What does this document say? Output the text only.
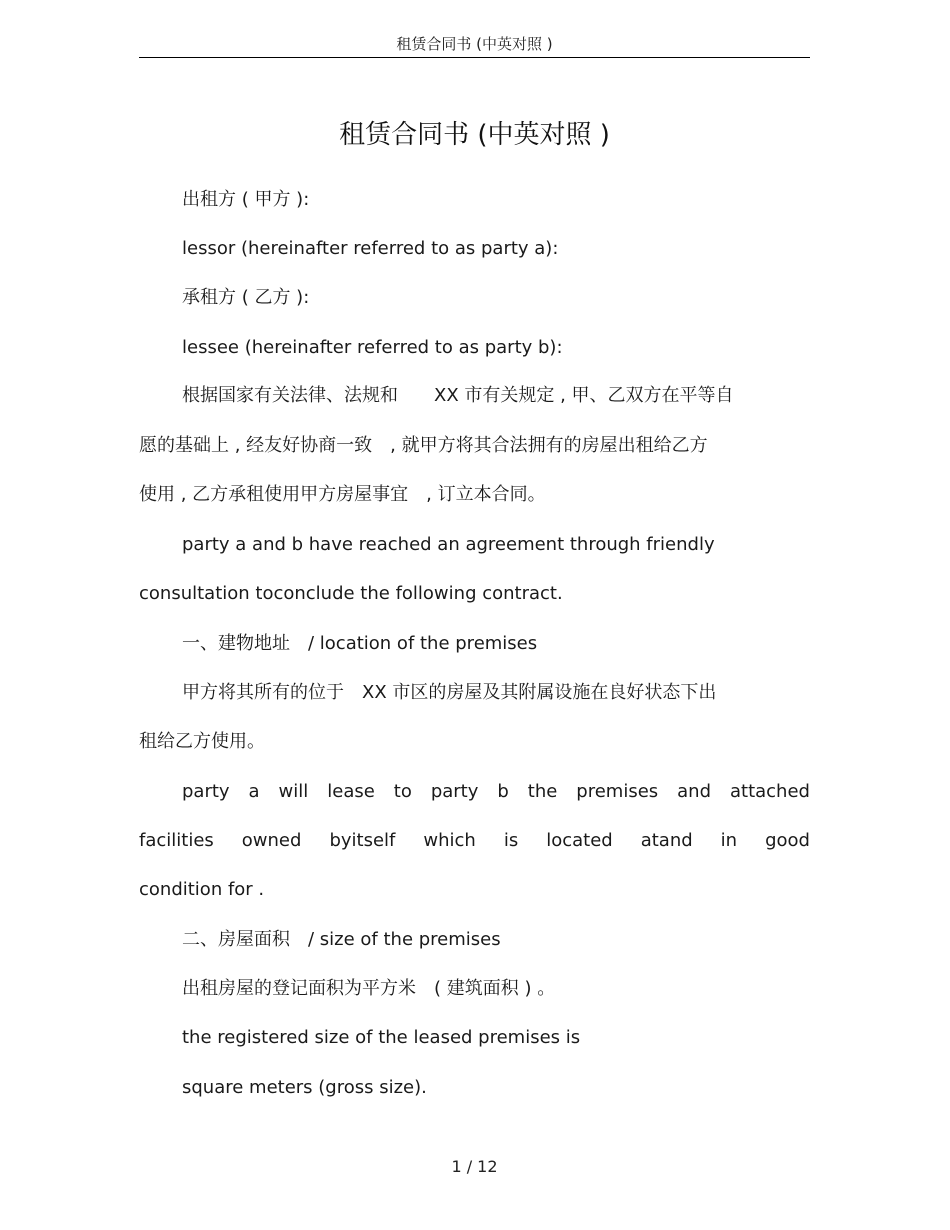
租赁合同书 (中英对照 )
租赁合同书 (中英对照 )
出租方 ( 甲方 ):
lessor (hereinafter referred to as party a):
承租方 ( 乙方 ):
lessee (hereinafter referred to as party b):
根据国家有关法律、法规和　　XX 市有关规定 , 甲、乙双方在平等自
愿的基础上 , 经友好协商一致　, 就甲方将其合法拥有的房屋出租给乙方
使用 , 乙方承租使用甲方房屋事宜　, 订立本合同。
party a and b have reached an agreement through friendly
consultation toconclude the following contract.
一、建物地址　/ location of the premises
甲方将其所有的位于　XX 市区的房屋及其附属设施在良好状态下出
租给乙方使用。
party a will lease to party b the premises and attached
facilities owned byitself which is located atand in good
condition for .
二、房屋面积　/ size of the premises
出租房屋的登记面积为平方米　( 建筑面积 ) 。
the registered size of the leased premises is
square meters (gross size).
1 / 12
